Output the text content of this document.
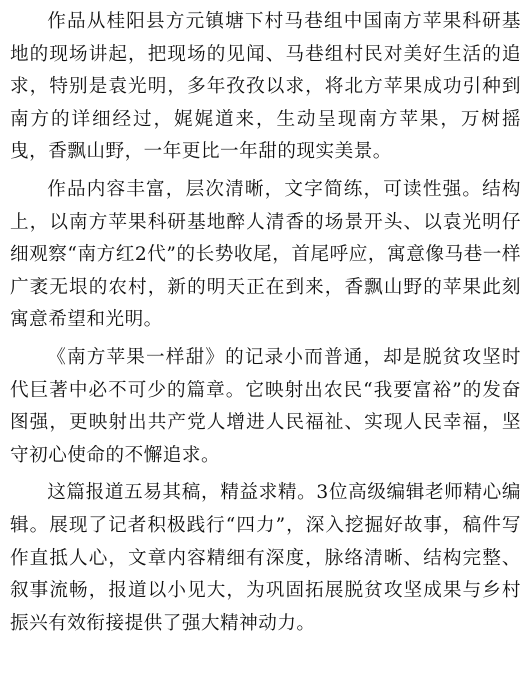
作品从桂阳县方元镇塘下村马巷组中国南方苹果科研基地的现场讲起，把现场的见闻、马巷组村民对美好生活的追求，特别是袁光明，多年孜孜以求，将北方苹果成功引种到南方的详细经过，娓娓道来，生动呈现南方苹果，万树摇曳，香飘山野，一年更比一年甜的现实美景。

作品内容丰富，层次清晰，文字简练，可读性强。结构上，以南方苹果科研基地醉人清香的场景开头、以袁光明仔细观察“南方红2代”的长势收尾，首尾呼应，寓意像马巷一样广袤无垠的农村，新的明天正在到来，香飘山野的苹果此刻寓意希望和光明。

《南方苹果一样甜》的记录小而普通，却是脱贫攻坚时代巨著中必不可少的篇章。它映射出农民“我要富裕”的发奋图强，更映射出共产党人增进人民福祉、实现人民幸福，坚守初心使命的不懈追求。

这篇报道五易其稿，精益求精。3位高级编辑老师精心编辑。展现了记者积极践行“四力”，深入挖掘好故事，稿件写作直抵人心，文章内容精细有深度，脉络清晰、结构完整、叙事流畅，报道以小见大，为巩固拓展脱贫攻坚成果与乡村振兴有效衔接提供了强大精神动力。
